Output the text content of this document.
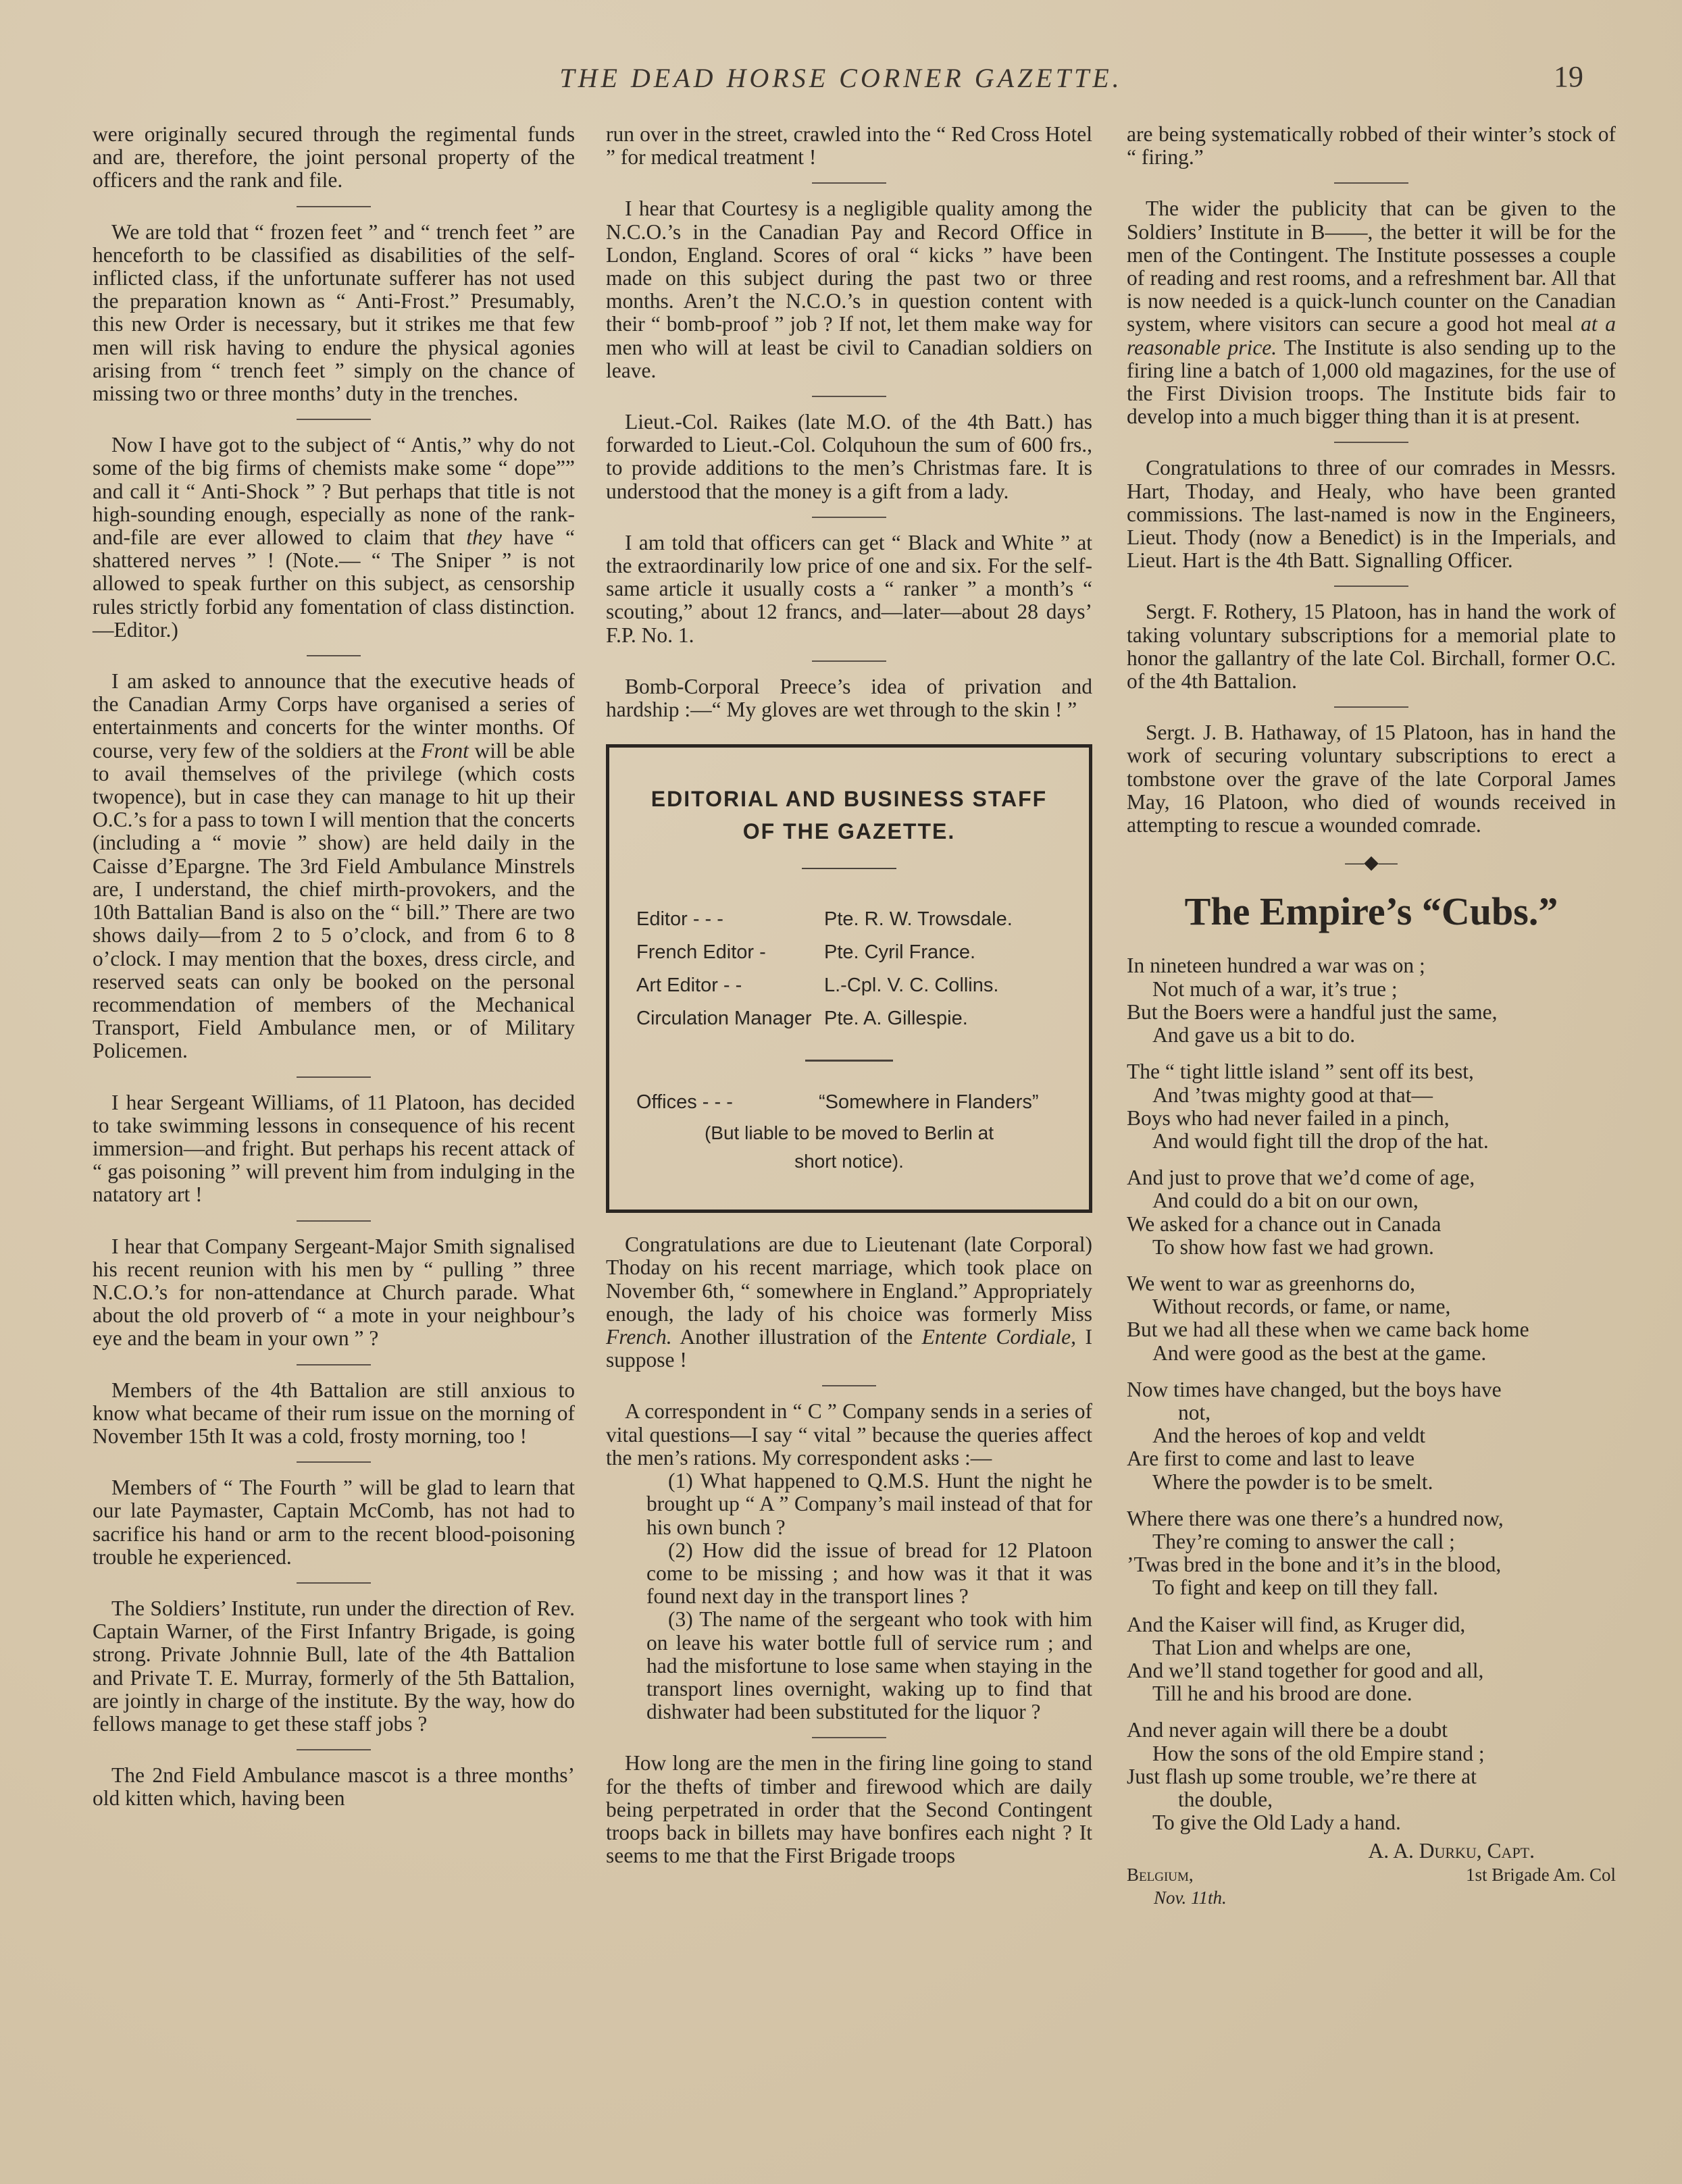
THE DEAD HORSE CORNER GAZETTE.	19

were originally secured through the regimental funds and are, therefore, the joint personal property of the officers and the rank and file.

We are told that “ frozen feet ” and “ trench feet ” are henceforth to be classified as disabilities of the self-inflicted class, if the unfortunate sufferer has not used the preparation known as “ Anti-Frost.” Presumably, this new Order is necessary, but it strikes me that few men will risk having to endure the physical agonies arising from “ trench feet ” simply on the chance of missing two or three months’ duty in the trenches.

Now I have got to the subject of “ Antis,” why do not some of the big firms of chemists make some “ dope”” and call it “ Anti-Shock ” ? But perhaps that title is not high-sounding enough, especially as none of the rank-and-file are ever allowed to claim that they have “ shattered nerves ” ! (Note.— “ The Sniper ” is not allowed to speak further on this subject, as censorship rules strictly forbid any fomentation of class distinction.—Editor.)

I am asked to announce that the executive heads of the Canadian Army Corps have organised a series of entertainments and concerts for the winter months. Of course, very few of the soldiers at the Front will be able to avail themselves of the privilege (which costs twopence), but in case they can manage to hit up their O.C.’s for a pass to town I will mention that the concerts (including a “ movie ” show) are held daily in the Caisse d’Epargne. The 3rd Field Ambulance Minstrels are, I understand, the chief mirth-provokers, and the 10th Battalian Band is also on the “ bill.” There are two shows daily—from 2 to 5 o’clock, and from 6 to 8 o’clock. I may mention that the boxes, dress circle, and reserved seats can only be booked on the personal recommendation of members of the Mechanical Transport, Field Ambulance men, or of Military Policemen.

I hear Sergeant Williams, of 11 Platoon, has decided to take swimming lessons in consequence of his recent immersion—and fright. But perhaps his recent attack of “ gas poisoning ” will prevent him from indulging in the natatory art !

I hear that Company Sergeant-Major Smith signalised his recent reunion with his men by “ pulling ” three N.C.O.’s for non-attendance at Church parade. What about the old proverb of “ a mote in your neighbour’s eye and the beam in your own ” ?

Members of the 4th Battalion are still anxious to know what became of their rum issue on the morning of November 15th It was a cold, frosty morning, too !

Members of “ The Fourth ” will be glad to learn that our late Paymaster, Captain McComb, has not had to sacrifice his hand or arm to the recent blood-poisoning trouble he experienced.

The Soldiers’ Institute, run under the direction of Rev. Captain Warner, of the First Infantry Brigade, is going strong. Private Johnnie Bull, late of the 4th Battalion and Private T. E. Murray, formerly of the 5th Battalion, are jointly in charge of the institute. By the way, how do fellows manage to get these staff jobs ?

The 2nd Field Ambulance mascot is a three months’ old kitten which, having been

run over in the street, crawled into the “ Red Cross Hotel ” for medical treatment !

I hear that Courtesy is a negligible quality among the N.C.O.’s in the Canadian Pay and Record Office in London, England. Scores of oral “ kicks ” have been made on this subject during the past two or three months. Aren’t the N.C.O.’s in question content with their “ bomb-proof ” job ? If not, let them make way for men who will at least be civil to Canadian soldiers on leave.

Lieut.-Col. Raikes (late M.O. of the 4th Batt.) has forwarded to Lieut.-Col. Colquhoun the sum of 600 frs., to provide additions to the men’s Christmas fare. It is understood that the money is a gift from a lady.

I am told that officers can get “ Black and White ” at the extraordinarily low price of one and six. For the self-same article it usually costs a “ ranker ” a month’s “ scouting,” about 12 francs, and—later—about 28 days’ F.P. No. 1.

Bomb-Corporal Preece’s idea of privation and hardship :—“ My gloves are wet through to the skin ! ”

EDITORIAL AND BUSINESS STAFF
OF THE GAZETTE.
Editor - - -	Pte. R. W. Trowsdale.
French Editor -	Pte. Cyril France.
Art Editor - -	L.-Cpl. V. C. Collins.
Circulation Manager Pte. A. Gillespie.
Offices - - -	“Somewhere in Flanders”
(But liable to be moved to Berlin at
short notice).

Congratulations are due to Lieutenant (late Corporal) Thoday on his recent marriage, which took place on November 6th, “ somewhere in England.” Appropriately enough, the lady of his choice was formerly Miss French. Another illustration of the Entente Cordiale, I suppose !

A correspondent in “ C ” Company sends in a series of vital questions—I say “ vital ” because the queries affect the men’s rations. My correspondent asks :—

(1) What happened to Q.M.S. Hunt the night he brought up “ A ” Company’s mail instead of that for his own bunch ?

(2) How did the issue of bread for 12 Platoon come to be missing ; and how was it that it was found next day in the transport lines ?

(3) The name of the sergeant who took with him on leave his water bottle full of service rum ; and had the misfortune to lose same when staying in the transport lines overnight, waking up to find that dishwater had been substituted for the liquor ?

How long are the men in the firing line going to stand for the thefts of timber and firewood which are daily being perpetrated in order that the Second Contingent troops back in billets may have bonfires each night ? It seems to me that the First Brigade troops

are being systematically robbed of their winter’s stock of “ firing.”

The wider the publicity that can be given to the Soldiers’ Institute in B——, the better it will be for the men of the Contingent. The Institute possesses a couple of reading and rest rooms, and a refreshment bar. All that is now needed is a quick-lunch counter on the Canadian system, where visitors can secure a good hot meal at a reasonable price. The Institute is also sending up to the firing line a batch of 1,000 old magazines, for the use of the First Division troops. The Institute bids fair to develop into a much bigger thing than it is at present.

Congratulations to three of our comrades in Messrs. Hart, Thoday, and Healy, who have been granted commissions. The last-named is now in the Engineers, Lieut. Thody (now a Benedict) is in the Imperials, and Lieut. Hart is the 4th Batt. Signalling Officer.

Sergt. F. Rothery, 15 Platoon, has in hand the work of taking voluntary subscriptions for a memorial plate to honor the gallantry of the late Col. Birchall, former O.C. of the 4th Battalion.

Sergt. J. B. Hathaway, of 15 Platoon, has in hand the work of securing voluntary subscriptions to erect a tombstone over the grave of the late Corporal James May, 16 Platoon, who died of wounds received in attempting to rescue a wounded comrade.

—◆—
The Empire’s “Cubs.”
In nineteen hundred a war was on ;
Not much of a war, it’s true ;
But the Boers were a handful just the same,
And gave us a bit to do.
The “ tight little island ” sent off its best,
And ’twas mighty good at that—
Boys who had never failed in a pinch,
And would fight till the drop of the hat.
And just to prove that we’d come of age,
And could do a bit on our own,
We asked for a chance out in Canada
To show how fast we had grown.
We went to war as greenhorns do,
Without records, or fame, or name,
But we had all these when we came back home
And were good as the best at the game.
Now times have changed, but the boys have
not,
And the heroes of kop and veldt
Are first to come and last to leave
Where the powder is to be smelt.
Where there was one there’s a hundred now,
They’re coming to answer the call ;
’Twas bred in the bone and it’s in the blood,
To fight and keep on till they fall.
And the Kaiser will find, as Kruger did,
That Lion and whelps are one,
And we’ll stand together for good and all,
Till he and his brood are done.
And never again will there be a doubt
How the sons of the old Empire stand ;
Just flash up some trouble, we’re there at
the double,
To give the Old Lady a hand.
A. A. Durku, Capt.
Belgium,	1st Brigade Am. Col
Nov. 11th.
